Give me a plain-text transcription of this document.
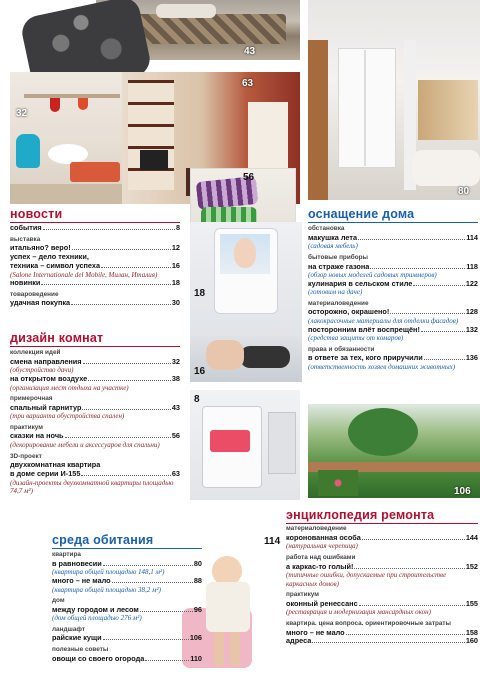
43
32
63
56
18
16
8
80
106
114
новости
события	8
выставка
итальяно? веро!	12
успех – дело техники,
техника – символ успеха	16
(Salone Internationale del Mobile, Милан, Италия)
новинки	18
товароведение
удачная покупка	30
дизайн комнат
коллекция идей
смена направления	32
(обустройство дачи)
на открытом воздухе	38
(организация мест отдыха на участке)
примерочная
спальный гарнитур	43
(три варианта обустройства спален)
практикум
сказки на ночь	56
(декорирование мебели и аксессуаров для спальни)
3D-проект
двухкомнатная квартира
в доме серии И-155	63
(дизайн-проекты двухкомнатной квартиры площадью 74,7 м²)
среда обитания
квартира
в равновесии	80
(квартира общей площадью 148,1 м²)
много – не мало	88
(квартира общей площадью 38,2 м²)
дом
между городом и лесом	96
(дом общей площадью 276 м²)
ландшафт
райские кущи	106
полезные советы
овощи со своего огорода	110
оснащение дома
обстановка
макушка лета	114
(садовая мебель)
бытовые приборы
на страже газона	118
(обзор новых моделей садовых триммеров)
кулинария в сельском стиле	122
(готовим на даче)
материаловедение
осторожно, окрашено!	128
(лакокрасочные материалы для отделки фасадов)
посторонним влёт воспрещён!	132
(средства защиты от комаров)
права и обязанности
в ответе за тех, кого приручили	136
(ответственность хозяев домашних животных)
энциклопедия ремонта
материаловедение
коронованная особа	144
(натуральная черепица)
работа над ошибками
а каркас-то голый!	152
(типичные ошибки, допускаемые при строительстве каркасных домов)
практикум
оконный ренессанс	155
(реставрация и модернизация мансардных окон)
квартира. цена вопроса. ориентировочные затраты
много – не мало	158
адреса	160
